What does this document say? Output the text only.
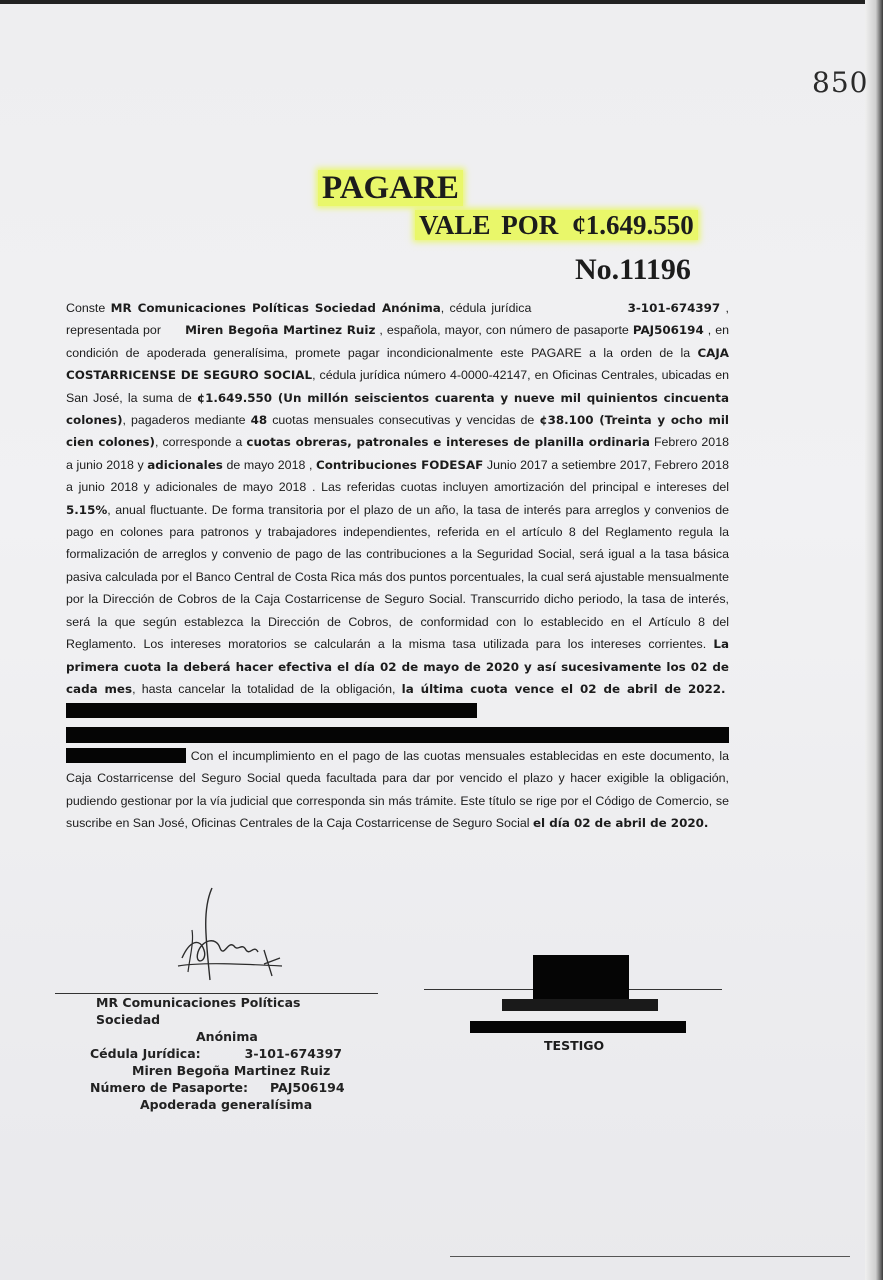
850
PAGARE
VALE POR ¢1.649.550
No.11196
Conste MR Comunicaciones Políticas Sociedad Anónima, cédula jurídica	3-101-674397 , representada por      Miren Begoña Martinez Ruiz , española, mayor, con número de pasaporte PAJ506194 , en condición de apoderada generalísima, promete pagar incondicionalmente este PAGARE a la orden de la CAJA COSTARRICENSE DE SEGURO SOCIAL, cédula jurídica número 4-0000-42147, en Oficinas Centrales, ubicadas en San José, la suma de ¢1.649.550 (Un millón seiscientos cuarenta y nueve mil quinientos cincuenta colones), pagaderos mediante 48 cuotas mensuales consecutivas y vencidas de ¢38.100 (Treinta y ocho mil cien colones), corresponde a cuotas obreras, patronales e intereses de planilla ordinaria Febrero 2018 a junio 2018 y adicionales de mayo 2018 , Contribuciones FODESAF Junio 2017 a setiembre 2017, Febrero 2018 a junio 2018 y adicionales de mayo 2018 . Las referidas cuotas incluyen amortización del principal e intereses del 5.15%, anual fluctuante. De forma transitoria por el plazo de un año, la tasa de interés para arreglos y convenios de pago en colones para patronos y trabajadores independientes, referida en el artículo 8 del Reglamento regula la formalización de arreglos y convenio de pago de las contribuciones a la Seguridad Social, será igual a la tasa básica pasiva calculada por el Banco Central de Costa Rica más dos puntos porcentuales, la cual será ajustable mensualmente por la Dirección de Cobros de la Caja Costarricense de Seguro Social. Transcurrido dicho periodo, la tasa de interés, será la que según establezca la Dirección de Cobros, de conformidad con lo establecido en el Artículo 8 del Reglamento. Los intereses moratorios se calcularán a la misma tasa utilizada para los intereses corrientes. La primera cuota la deberá hacer efectiva el día 02 de mayo de 2020 y así sucesivamente los 02 de cada mes, hasta cancelar la totalidad de la obligación, la última cuota vence el 02 de abril de 2022.
Con el incumplimiento en el pago de las cuotas mensuales establecidas en este documento, la Caja Costarricense del Seguro Social queda facultada para dar por vencido el plazo y hacer exigible la obligación, pudiendo gestionar por la vía judicial que corresponda sin más trámite. Este título se rige por el Código de Comercio, se suscribe en San José, Oficinas Centrales de la Caja Costarricense de Seguro Social el día 02 de abril de 2020.
MR Comunicaciones Políticas Sociedad
Anónima
Cédula Jurídica:	3-101-674397
Miren Begoña Martinez Ruiz
Número de Pasaporte: PAJ506194
Apoderada generalísima
TESTIGO
